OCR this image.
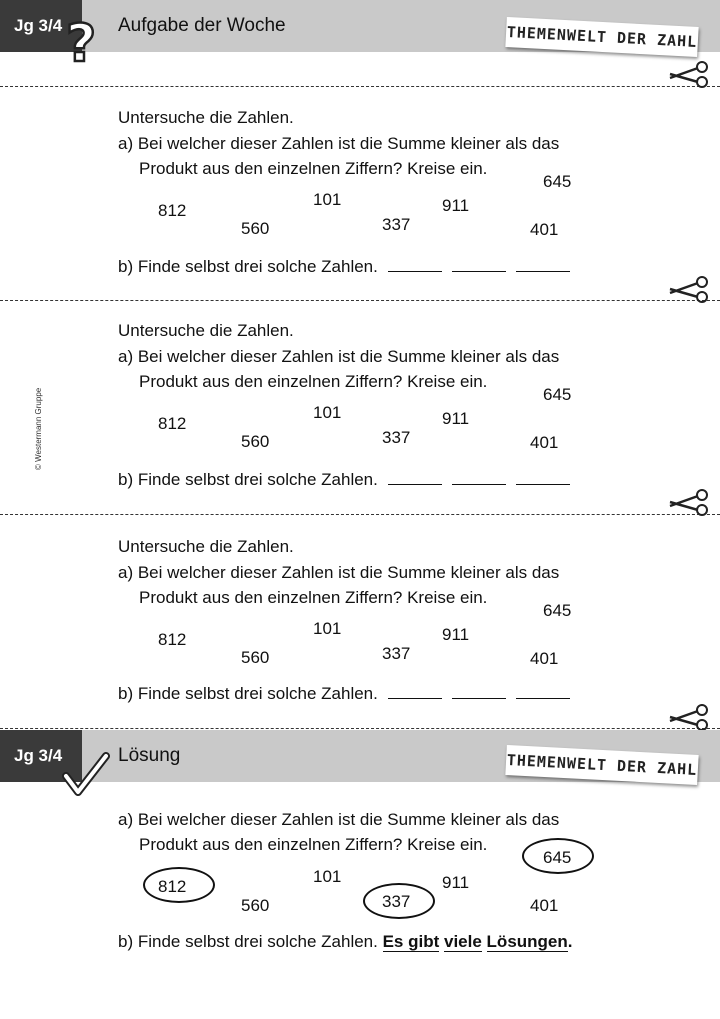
Jg 3/4	Aufgabe der Woche
?	THEMENWELT DER ZAHL
Untersuche die Zahlen.
a) Bei welcher dieser Zahlen ist die Summe kleiner als das
Produkt aus den einzelnen Ziffern? Kreise ein.
645
812
101	911
560	337	401
b) Finde selbst drei solche Zahlen.
Untersuche die Zahlen.
a) Bei welcher dieser Zahlen ist die Summe kleiner als das
Produkt aus den einzelnen Ziffern? Kreise ein.
645
812
101	911
560	337	401
b) Finde selbst drei solche Zahlen.
Untersuche die Zahlen.
a) Bei welcher dieser Zahlen ist die Summe kleiner als das
Produkt aus den einzelnen Ziffern? Kreise ein.
645
812
101	911
560	337	401
b) Finde selbst drei solche Zahlen.
Jg 3/4	Lösung	THEMENWELT DER ZAHL
a) Bei welcher dieser Zahlen ist die Summe kleiner als das
Produkt aus den einzelnen Ziffern? Kreise ein.
645
812
101	911
560	337	401
b) Finde selbst drei solche Zahlen. Es gibt viele Lösungen.
© Westermann Gruppe
